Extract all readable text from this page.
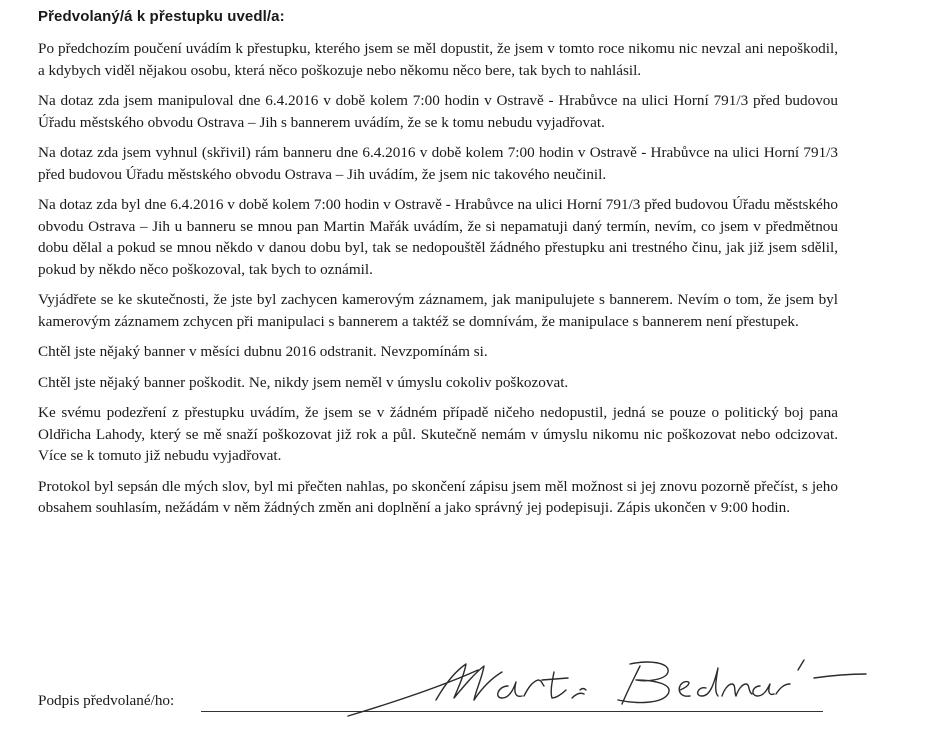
Předvolaný/á k přestupku uvedl/a:

Po předchozím poučení uvádím k přestupku, kterého jsem se měl dopustit, že jsem v tomto roce nikomu nic nevzal ani nepoškodil, a kdybych viděl nějakou osobu, která něco poškozuje nebo někomu něco bere, tak bych to nahlásil.

Na dotaz zda jsem manipuloval dne 6.4.2016 v době kolem 7:00 hodin v Ostravě - Hrabůvce na ulici Horní 791/3 před budovou Úřadu městského obvodu Ostrava – Jih s bannerem uvádím, že se k tomu nebudu vyjadřovat.

Na dotaz zda jsem vyhnul (skřivil) rám banneru dne 6.4.2016 v době kolem 7:00 hodin v Ostravě - Hrabůvce na ulici Horní 791/3 před budovou Úřadu městského obvodu Ostrava – Jih uvádím, že jsem nic takového neučinil.

Na dotaz zda byl dne 6.4.2016 v době kolem 7:00 hodin v Ostravě - Hrabůvce na ulici Horní 791/3 před budovou Úřadu městského obvodu Ostrava – Jih u banneru se mnou pan Martin Mařák uvádím, že si nepamatuji daný termín, nevím, co jsem v předmětnou dobu dělal a pokud se mnou někdo v danou dobu byl, tak se nedopouštěl žádného přestupku ani trestného činu, jak již jsem sdělil, pokud by někdo něco poškozoval, tak bych to oznámil.

Vyjádřete se ke skutečnosti, že jste byl zachycen kamerovým záznamem, jak manipulujete s bannerem. Nevím o tom, že jsem byl kamerovým záznamem zchycen při manipulaci s bannerem a taktéž se domnívám, že manipulace s bannerem není přestupek.

Chtěl jste nějaký banner v měsíci dubnu 2016 odstranit. Nevzpomínám si.

Chtěl jste nějaký banner poškodit. Ne, nikdy jsem neměl v úmyslu cokoliv poškozovat.

Ke svému podezření z přestupku uvádím, že jsem se v žádném případě ničeho nedopustil, jedná se pouze o politický boj pana Oldřicha Lahody, který se mě snaží poškozovat již rok a půl. Skutečně nemám v úmyslu nikomu nic poškozovat nebo odcizovat. Více se k tomuto již nebudu vyjadřovat.

Protokol byl sepsán dle mých slov, byl mi přečten nahlas, po skončení zápisu jsem měl možnost si jej znovu pozorně přečíst, s jeho obsahem souhlasím, nežádám v něm žádných změn ani doplnění a jako správný jej podepisuji. Zápis ukončen v 9:00 hodin.

Podpis předvolané/ho:
